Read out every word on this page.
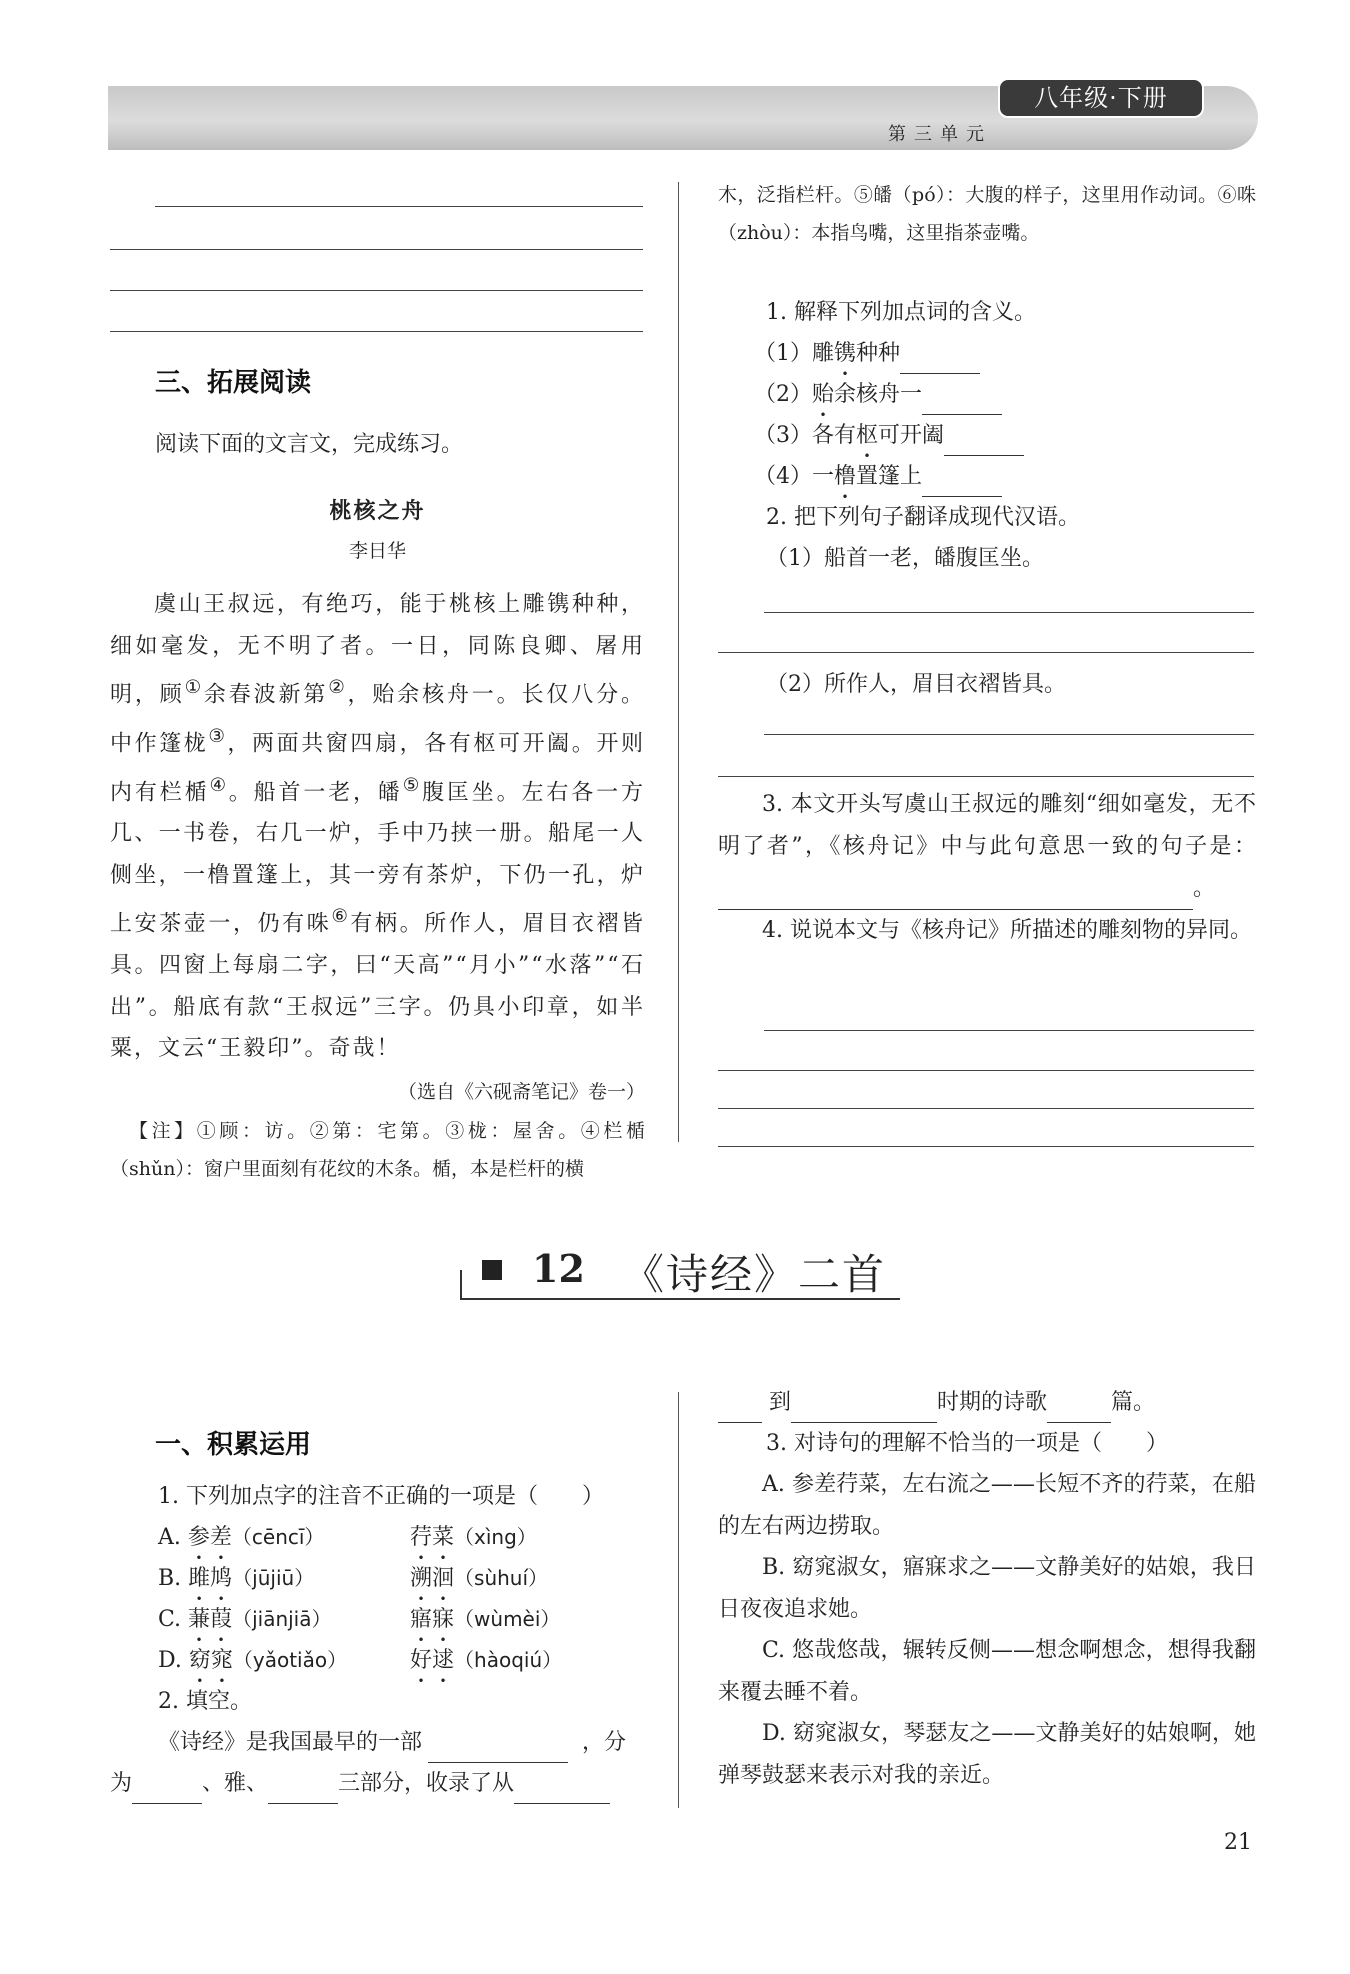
八年级·下册
第三单元
三、拓展阅读
阅读下面的文言文，完成练习。
桃核之舟
李日华

虞山王叔远，有绝巧，能于桃核上雕镌种种，细如毫发，无不明了者。一日，同陈良卿、屠用明，顾①余春波新第②，贻余核舟一。长仅八分。中作篷栊③，两面共窗四扇，各有枢可开阖。开则内有栏楯④。船首一老，皤⑤腹匡坐。左右各一方几、一书卷，右几一炉，手中乃挟一册。船尾一人侧坐，一橹置篷上，其一旁有茶炉，下仍一孔，炉上安茶壶一，仍有咮⑥有柄。所作人，眉目衣褶皆具。四窗上每扇二字，曰“天高”“月小”“水落”“石出”。船底有款“王叔远”三字。仍具小印章，如半粟，文云“王毅印”。奇哉！

（选自《六砚斋笔记》卷一）

【注】①顾：访。②第：宅第。③栊：屋舍。④栏楯（shǔn）：窗户里面刻有花纹的木条。楯，本是栏杆的横

木，泛指栏杆。⑤皤（pó）：大腹的样子，这里用作动词。⑥咮（zhòu）：本指鸟嘴，这里指茶壶嘴。

1. 解释下列加点词的含义。
（1）雕镌种种
（2）贻余核舟一
（3）各有枢可开阖
（4）一橹置篷上
2. 把下列句子翻译成现代汉语。
（1）船首一老，皤腹匡坐。
（2）所作人，眉目衣褶皆具。

3. 本文开头写虞山王叔远的雕刻“细如毫发，无不明了者”，《核舟记》中与此句意思一致的句子是：。

4. 说说本文与《核舟记》所描述的雕刻物的异同。

12 《诗经》二首
一、积累运用
1. 下列加点字的注音不正确的一项是（　　）
A. 参差（cēncī）	荇菜（xìng）
B. 雎鸠（jūjiū）	溯洄（sùhuí）
C. 蒹葭（jiānjiā）	寤寐（wùmèi）
D. 窈窕（yǎotiǎo）	好逑（hàoqiú）
2. 填空。
《诗经》是我国最早的一部	，分
为	、雅、	三部分，收录了从
到	时期的诗歌	篇。
3. 对诗句的理解不恰当的一项是（　　）

A. 参差荇菜，左右流之——长短不齐的荇菜，在船的左右两边捞取。

B. 窈窕淑女，寤寐求之——文静美好的姑娘，我日日夜夜追求她。

C. 悠哉悠哉，辗转反侧——想念啊想念，想得我翻来覆去睡不着。

D. 窈窕淑女，琴瑟友之——文静美好的姑娘啊，她弹琴鼓瑟来表示对我的亲近。

21
